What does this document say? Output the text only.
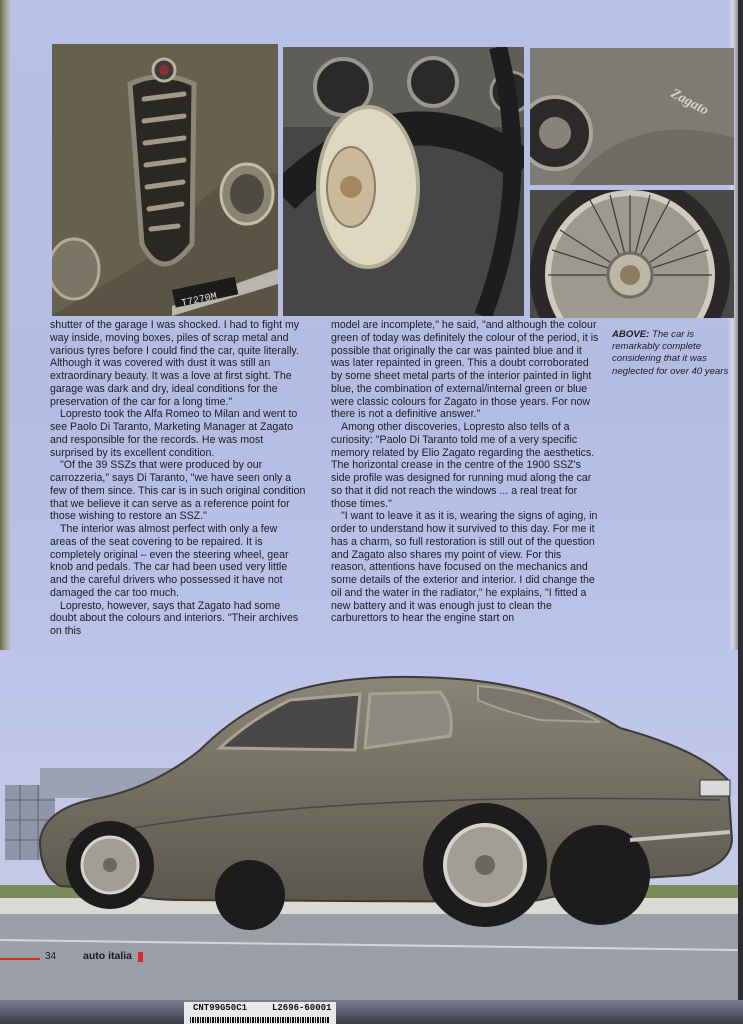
T7270M
Zagato

shutter of the garage I was shocked. I had to fight my way inside, moving boxes, piles of scrap metal and various tyres before I could find the car, quite literally. Although it was covered with dust it was still an extraordinary beauty. It was a love at first sight. The garage was dark and dry, ideal conditions for the preservation of the car for a long time."

Lopresto took the Alfa Romeo to Milan and went to see Paolo Di Taranto, Marketing Manager at Zagato and responsible for the records. He was most surprised by its excellent condition.

"Of the 39 SSZs that were produced by our carrozzeria," says Di Taranto, "we have seen only a few of them since. This car is in such original condition that we believe it can serve as a reference point for those wishing to restore an SSZ."

The interior was almost perfect with only a few areas of the seat covering to be repaired. It is completely original – even the steering wheel, gear knob and pedals. The car had been used very little and the careful drivers who possessed it have not damaged the car too much.

Lopresto, however, says that Zagato had some doubt about the colours and interiors. "Their archives on this

model are incomplete," he said, "and although the colour green of today was definitely the colour of the period, it is possible that originally the car was painted blue and it was later repainted in green. This a doubt corroborated by some sheet metal parts of the interior painted in light blue, the combination of external/internal green or blue were classic colours for Zagato in those years. For now there is not a definitive answer."

Among other discoveries, Lopresto also tells of a curiosity: "Paolo Di Taranto told me of a very specific memory related by Elio Zagato regarding the aesthetics. The horizontal crease in the centre of the 1900 SSZ's side profile was designed for running mud along the car so that it did not reach the windows ... a real treat for those times."

"I want to leave it as it is, wearing the signs of aging, in order to understand how it survived to this day. For me it has a charm, so full restoration is still out of the question and Zagato also shares my point of view. For this reason, attentions have focused on the mechanics and some details of the exterior and interior. I did change the oil and the water in the radiator," he explains, "I fitted a new battery and it was enough just to clean the carburettors to hear the engine start on

ABOVE: The car is remarkably complete considering that it was neglected for over 40 years
34	auto italia
CNT99G50C1	L2696-60001
